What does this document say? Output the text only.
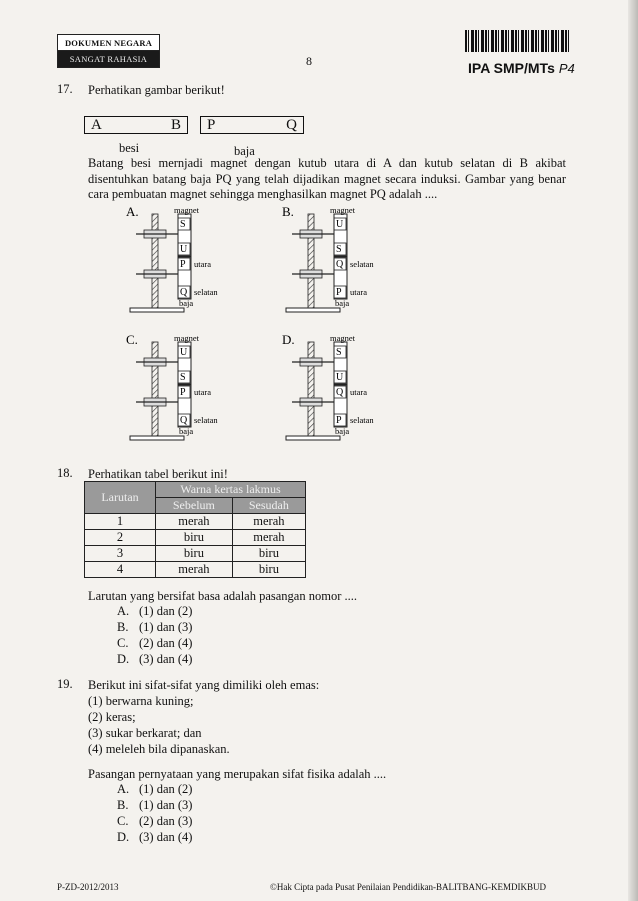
DOKUMEN NEGARA
SANGAT RAHASIA	8	IPA SMP/MTs P4
17. Perhatikan gambar berikut!
A	B P	Q
besi	baja
Batang besi mernjadi magnet dengan kutub utara di A dan kutub selatan di B akibat disentuhkan batang baja PQ yang telah dijadikan magnet secara induksi. Gambar yang benar cara pembuatan magnet sehingga menghasilkan magnet PQ adalah ....
A.	magnet
S
U
P utara
Q selatan
baja
B.	magnet
U
S
Q selatan
P utara
baja
C.	magnet
U
S
P utara
Q selatan
baja
D.	magnet
S
U
Q utara
P selatan
baja
18. Perhatikan tabel berikut ini!
Larutan	Warna kertas lakmus	
	Sebelum	Sesudah
1	merah	merah
2	biru	merah
3	biru	biru
4	merah	biru
Larutan yang bersifat basa adalah pasangan nomor ....
A. (1) dan (2)
B. (1) dan (3)
C. (2) dan (4)
D. (3) dan (4)
19. Berikut ini sifat-sifat yang dimiliki oleh emas:
(1) berwarna kuning;
(2) keras;
(3) sukar berkarat; dan
(4) meleleh bila dipanaskan.
Pasangan pernyataan yang merupakan sifat fisika adalah ....
A. (1) dan (2)
B. (1) dan (3)
C. (2) dan (3)
D. (3) dan (4)
P-ZD-2012/2013	©Hak Cipta pada Pusat Penilaian Pendidikan-BALITBANG-KEMDIKBUD
